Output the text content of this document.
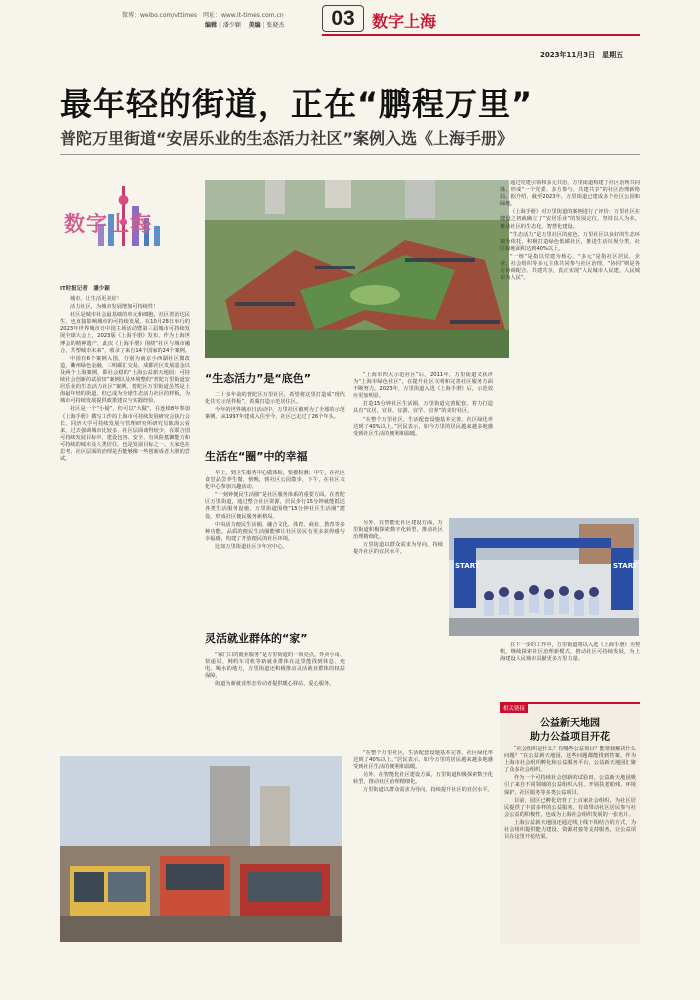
微博：weibo.com/vttimes　网址：www.it-times.com.cn
编辑 | 潘少颖 美编 | 张晓杰	03	数字上海
2023年11月3日　星期五
最年轻的街道，正在“鹏程万里”
普陀万里街道“安居乐业的生态活力社区”案例入选《上海手册》
数字上海
IT时报记者　潘少颖

城市，让生活更美好！

活力社区，为城市发展增加可持续性！

社区是城市社会最基础的单元和细胞，社区善治达民生，也直接影响城市的可持续发展。在10月28日举行的2023年世界城市日中国主场活动暨第三届城市可持续发展全球大会上，2023版《上海手册》发布，作为上海世博会的精神遗产，此次《上海手册》围绕“社区与城市融合，共塑城市未来”，收录了来自14个国家的24个案例。

中国有6个案例入围，分别为南京小西湖社区微改造，衢州绿色金融，三明碳汇交易，成都社区发展基金以及两个上海案例，即社会稳的“上海公益新天地园：可持续社会创新的试验田”案例以及环境整的“普陀万里街道安居乐业的生态活力社区”案例。普陀区万里街道虽然是上海最年轻的街道，但已成为全球生态活力社区的样板，为城市可持续发展提供政策建议与实践经验。

社区是一个“小疑”，但可以“大做”，在连续8年参加《上海手册》撰写工作的上海市可持续发展研究会执行会长、同济大学可持续发展与管理研究所研究员陈海云看来，过去强调城市比较多，社区层面谈得较少，在联合国可持续发展目标中，建设包容、安全、有风险抵御能力和可持续的城市及人类居住，也是发展目标之一。大家也在思考，社区层面的治理是否能够像一些创新成者大胆的尝试。

“生态活力”是“底色”

二十多年前的普陀区万里社区，希望将这里打造成“现代化住宅示范样板”，希冀打造示范居住区。

今年的世界城市日活动中，万里社区被列为了全球的示范案例。从1997年建成入住至今，社区已走过了26个年头。

生活在“圈”中的幸福

早上，到卫生服务中心做体检，要被检测；中午，在社区食堂品尝养生餐，傍晚，到社区公园散步，下午，在社区文化中心参加兴趣活动。

“一刻钟便民生活圈”是社区服务体系的重要方面。在普陀区万里街道，通过整合社区资源，居民步行15分钟就能抵达各类生活服务设施，万里街道围绕“15分钟社区生活圈”建设，形成社区便民服务新格局。

中央活力便民生活圈，融合文化、体育、商业、教育等多种功能。品质的便民生活圈能够让社区居民有更多获得感与幸福感，构建了开放便民的社区环境。

比如万里街道社区少年宫中心。

灵活就业群体的“家”

“家门口的就业服务”是万里街道的一项亮点。外卖小哥、快递员、网约车司机等新就业群体在这里能找到休息、充电、喝水的地方，万里街道还积极推动灵活就业群体的权益保障。

街道为新就业形态劳动者提供暖心驿站、爱心服务。

“上海市四大示范社区”后，2011年，万里街道又获评为“上海市绿色社区”，在提升社区文明和完善社区服务方面不断努力。2023年，万里街道入选《上海手册》后，示范效应更加明显。

打造15分钟社区生活圈，万里街道完善配套，着力打造具有“宜居、宜业、宜游、宜学、宜养”的美好社区。

“在整个万里社区，生活配套设施基本完善，社区绿化率达到了40%以上。”居民表示，如今万里的居民越来越多地感受到社区生活的便利和温暖。

另外，在智能化社区建设方面，万里街道积极探索数字化转型，推动社区治理精细化。

万里街道以群众需求为导向，持续提升社区的宜居水平。

START	START

通过党建引领和多元共治，万里街道构建了社区治理共同体，形成“一个党委、多方参与、共建共享”的社区治理新格局。据介绍，截至2023年，万里街道已建成多个社区公园和绿地。

《上海手册》对万里街道的案例进行了评价：万里社区在建设之初就确立了“安居乐业”的发展定位，坚持以人为本，推动社区的生态化、智慧化建设。

“生态活力”是万里社区的底色，万里社区以良好的生态环境为依托，积极打造绿色低碳社区，推进生活垃圾分类，社区绿地面积达到40%以上。

“一核”是指以党建为核心，“多元”是指社区居民、企业、社会组织等多元主体共同参与社区治理，“协同”则是各方协调配合、共建共享，真正实现“人民城市人民建，人民城市为人民”。

在下一步的工作中，万里街道将以入选《上海手册》为契机，继续探索社区治理新模式，推动社区可持续发展，为上海建设人民城市贡献更多万里力量。

相关链接
公益新天地园
助力公益项目开花

“社会组织是什么？有哪些公益项目？能帮我解决什么问题？”在公益新天地园，这些问题都能找到答案。作为上海市社会组织孵化和公益服务平台，公益新天地园汇聚了众多社会组织。

作为一个可持续社会创新的试验田，公益新天地园吸引了来自不同领域的公益组织入驻，开展扶老助残、环境保护、社区服务等多类公益项目。

目前，园区已孵化培育了上百家社会组织，为社区居民提供了丰富多样的公益服务，有效带动社区居民参与社会公益的积极性，也成为上海社会组织发展的一张名片。

上海公益新天地园还通过线上线下相结合的方式，为社会组织提供能力建设、资源对接等支持服务，让公益项目在这里开花结果。

“在整个万里社区，生活配套设施基本完善，社区绿化率达到了40%以上。”居民表示，如今万里的居民越来越多地感受到社区生活的便利和温暖。

另外，在智能化社区建设方面，万里街道积极探索数字化转型，推动社区治理精细化。

万里街道以群众需求为导向，持续提升社区的宜居水平。
